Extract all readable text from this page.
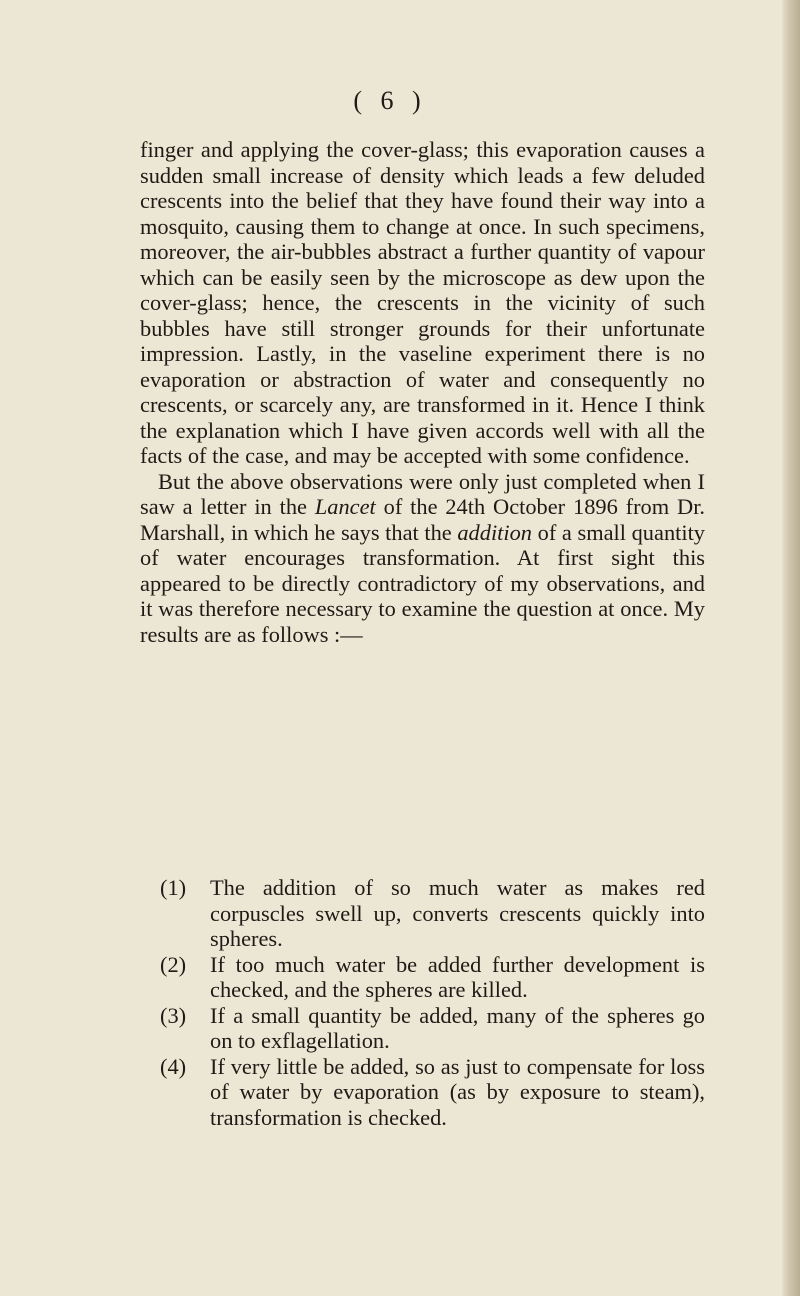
( 6 )

finger and applying the cover-glass; this evaporation causes a sudden small increase of density which leads a few deluded crescents into the belief that they have found their way into a mosquito, causing them to change at once. In such specimens, moreover, the air-bubbles abstract a further quantity of vapour which can be easily seen by the microscope as dew upon the cover-glass; hence, the crescents in the vicinity of such bubbles have still stronger grounds for their unfortunate impression. Lastly, in the vaseline experiment there is no evaporation or abstraction of water and consequently no crescents, or scarcely any, are transformed in it. Hence I think the explanation which I have given accords well with all the facts of the case, and may be accepted with some confidence.

But the above observations were only just completed when I saw a letter in the Lancet of the 24th October 1896 from Dr. Marshall, in which he says that the addition of a small quantity of water encourages transformation. At first sight this appeared to be directly contradictory of my observations, and it was therefore necessary to examine the question at once. My results are as follows :—

(1) The addition of so much water as makes red corpuscles swell up, converts crescents quickly into spheres.
(2) If too much water be added further development is checked, and the spheres are killed.
(3) If a small quantity be added, many of the spheres go on to exflagellation.
(4) If very little be added, so as just to compensate for loss of water by evaporation (as by exposure to steam), transformation is checked.
